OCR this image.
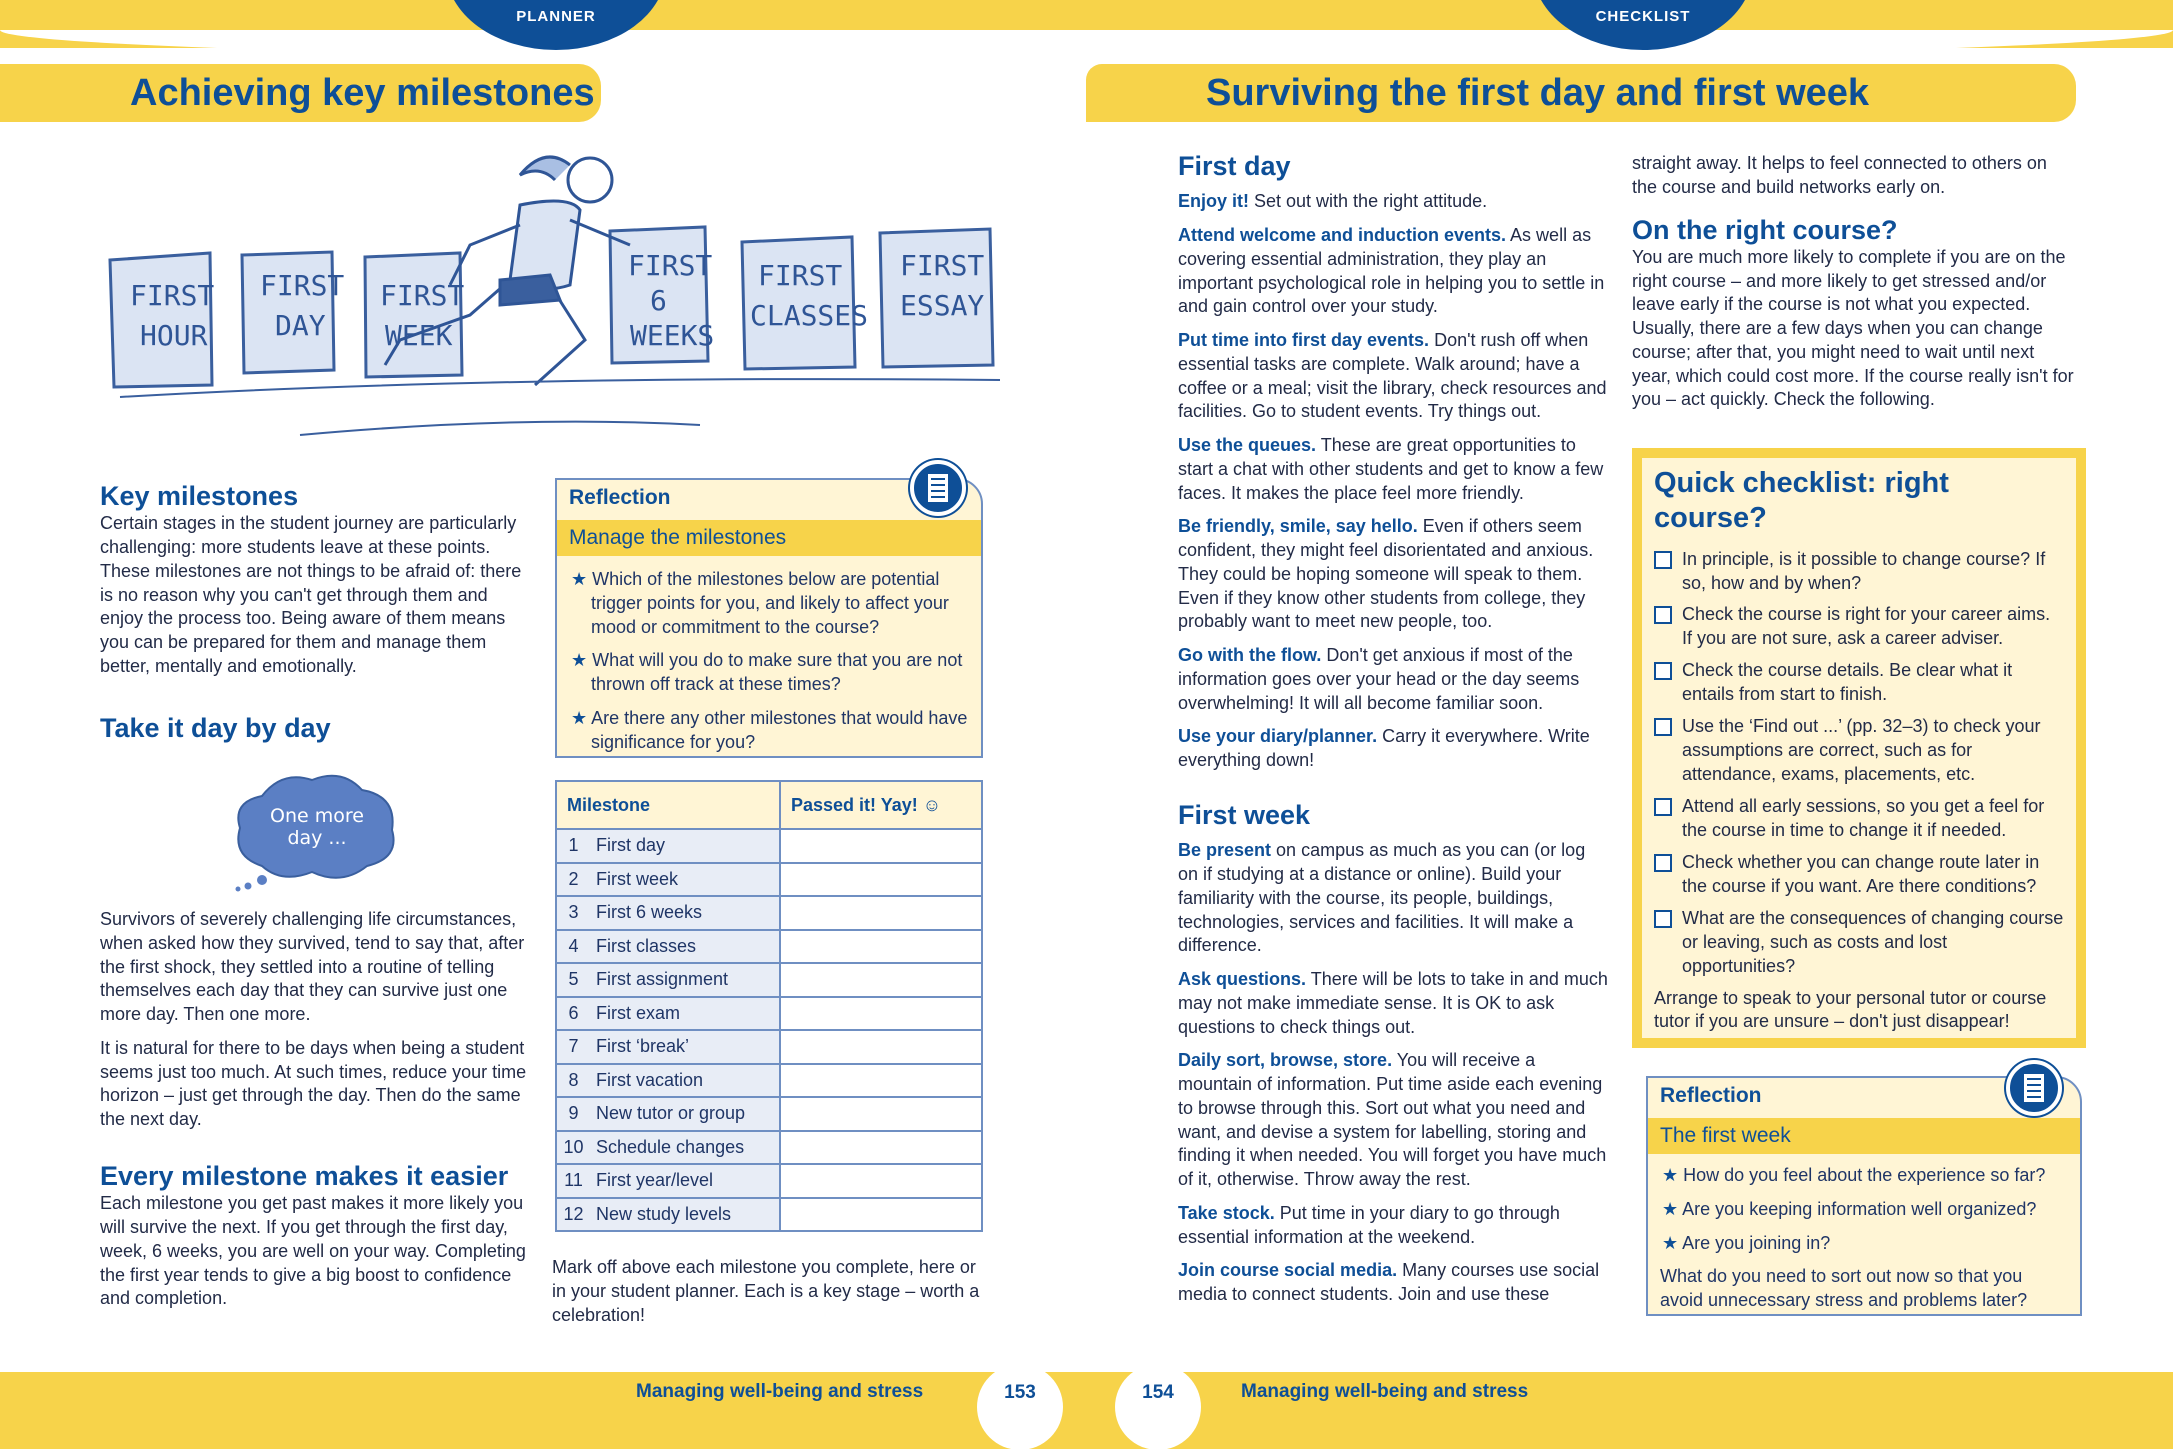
PLANNER	CHECKLIST
Achieving key milestones	Surviving the first day and first week
FIRST
HOUR
FIRST
DAY
FIRST
WEEK
FIRST
6
WEEKS
FIRST
CLASSES
FIRST
ESSAY
Key milestones

Certain stages in the student journey are particularly challenging: more students leave at these points. These milestones are not things to be afraid of: there is no reason why you can't get through them and enjoy the process too. Being aware of them means you can be prepared for them and manage them better, mentally and emotionally.

Take it day by day
One more day ...

Survivors of severely challenging life circumstances, when asked how they survived, tend to say that, after the first shock, they settled into a routine of telling themselves each day that they can survive just one more day. Then one more.

It is natural for there to be days when being a student seems just too much. At such times, reduce your time horizon – just get through the day. Then do the same the next day.

Every milestone makes it easier

Each milestone you get past makes it more likely you will survive the next. If you get through the first day, week, 6 weeks, you are well on your way. Completing the first year tends to give a big boost to confidence and completion.

Reflection
Manage the milestones
★ Which of the milestones below are potential trigger points for you, and likely to affect your mood or commitment to the course?
★ What will you do to make sure that you are not thrown off track at these times?
★ Are there any other milestones that would have significance for you?
Milestone		Passed it! Yay! ☺
1	First day	
2	First week	
3	First 6 weeks	
4	First classes	
5	First assignment	
6	First exam	
7	First ‘break’	
8	First vacation	
9	New tutor or group	
10	Schedule changes	
11	First year/level	
12	New study levels	

Mark off above each milestone you complete, here or in your student planner. Each is a key stage – worth a celebration!

First day

Enjoy it! Set out with the right attitude.

Attend welcome and induction events. As well as covering essential administration, they play an important psychological role in helping you to settle in and gain control over your study.

Put time into first day events. Don't rush off when essential tasks are complete. Walk around; have a coffee or a meal; visit the library, check resources and facilities. Go to student events. Try things out.

Use the queues. These are great opportunities to start a chat with other students and get to know a few faces. It makes the place feel more friendly.

Be friendly, smile, say hello. Even if others seem confident, they might feel disorientated and anxious. They could be hoping someone will speak to them. Even if they know other students from college, they probably want to meet new people, too.

Go with the flow. Don't get anxious if most of the information goes over your head or the day seems overwhelming! It will all become familiar soon.

Use your diary/planner. Carry it everywhere. Write everything down!

First week

Be present on campus as much as you can (or log on if studying at a distance or online). Build your familiarity with the course, its people, buildings, technologies, services and facilities. It will make a difference.

Ask questions. There will be lots to take in and much may not make immediate sense. It is OK to ask questions to check things out.

Daily sort, browse, store. You will receive a mountain of information. Put time aside each evening to browse through this. Sort out what you need and want, and devise a system for labelling, storing and finding it when needed. You will forget you have much of it, otherwise. Throw away the rest.

Take stock. Put time in your diary to go through essential information at the weekend.

Join course social media. Many courses use social media to connect students. Join and use these

straight away. It helps to feel connected to others on the course and build networks early on.

On the right course?

You are much more likely to complete if you are on the right course – and more likely to get stressed and/or leave early if the course is not what you expected. Usually, there are a few days when you can change course; after that, you might need to wait until next year, which could cost more. If the course really isn't for you – act quickly. Check the following.

Quick checklist: right course?
In principle, is it possible to change course? If so, how and by when?
Check the course is right for your career aims. If you are not sure, ask a career adviser.
Check the course details. Be clear what it entails from start to finish.
Use the ‘Find out ...’ (pp. 32–3) to check your assumptions are correct, such as for attendance, exams, placements, etc.
Attend all early sessions, so you get a feel for the course in time to change it if needed.
Check whether you can change route later in the course if you want. Are there conditions?
What are the consequences of changing course or leaving, such as costs and lost opportunities?

Arrange to speak to your personal tutor or course tutor if you are unsure – don't just disappear!

Reflection
The first week
★ How do you feel about the experience so far?
★ Are you keeping information well organized?
★ Are you joining in?

What do you need to sort out now so that you avoid unnecessary stress and problems later?

Managing well-being and stress	153	154	Managing well-being and stress
